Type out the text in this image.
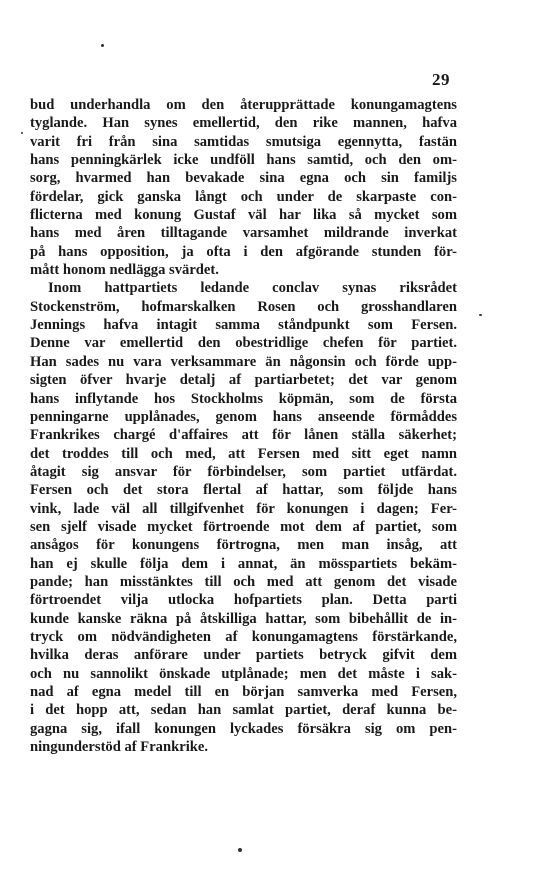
29
bud underhandla om den återupprättade konungamagtens
tyglande. Han synes emellertid, den rike mannen, hafva
varit fri från sina samtidas smutsiga egennytta, fastän
hans penningkärlek icke undföll hans samtid, och den om-
sorg, hvarmed han bevakade sina egna och sin familjs
fördelar, gick ganska långt och under de skarpaste con-
flicterna med konung Gustaf väl har lika så mycket som
hans med åren tilltagande varsamhet mildrande inverkat
på hans opposition, ja ofta i den afgörande stunden för-
mått honom nedlägga svärdet.
Inom hattpartiets ledande conclav synas riksrådet
Stockenström, hofmarskalken Rosen och grosshandlaren
Jennings hafva intagit samma ståndpunkt som Fersen.
Denne var emellertid den obestridlige chefen för partiet.
Han sades nu vara verksammare än någonsin och förde upp-
sigten öfver hvarje detalj af partiarbetet; det var genom
hans inflytande hos Stockholms köpmän, som de första
penningarne upplånades, genom hans anseende förmåddes
Frankrikes chargé d'affaires att för lånen ställa säkerhet;
det troddes till och med, att Fersen med sitt eget namn
åtagit sig ansvar för förbindelser, som partiet utfärdat.
Fersen och det stora flertal af hattar, som följde hans
vink, lade väl all tillgifvenhet för konungen i dagen; Fer-
sen sjelf visade mycket förtroende mot dem af partiet, som
ansågos för konungens förtrogna, men man insåg, att
han ej skulle följa dem i annat, än mösspartiets bekäm-
pande; han misstänktes till och med att genom det visade
förtroendet vilja utlocka hofpartiets plan. Detta parti
kunde kanske räkna på åtskilliga hattar, som bibehållit de in-
tryck om nödvändigheten af konungamagtens förstärkande,
hvilka deras anförare under partiets betryck gifvit dem
och nu sannolikt önskade utplånade; men det måste i sak-
nad af egna medel till en början samverka med Fersen,
i det hopp att, sedan han samlat partiet, deraf kunna be-
gagna sig, ifall konungen lyckades försäkra sig om pen-
ningunderstöd af Frankrike.
